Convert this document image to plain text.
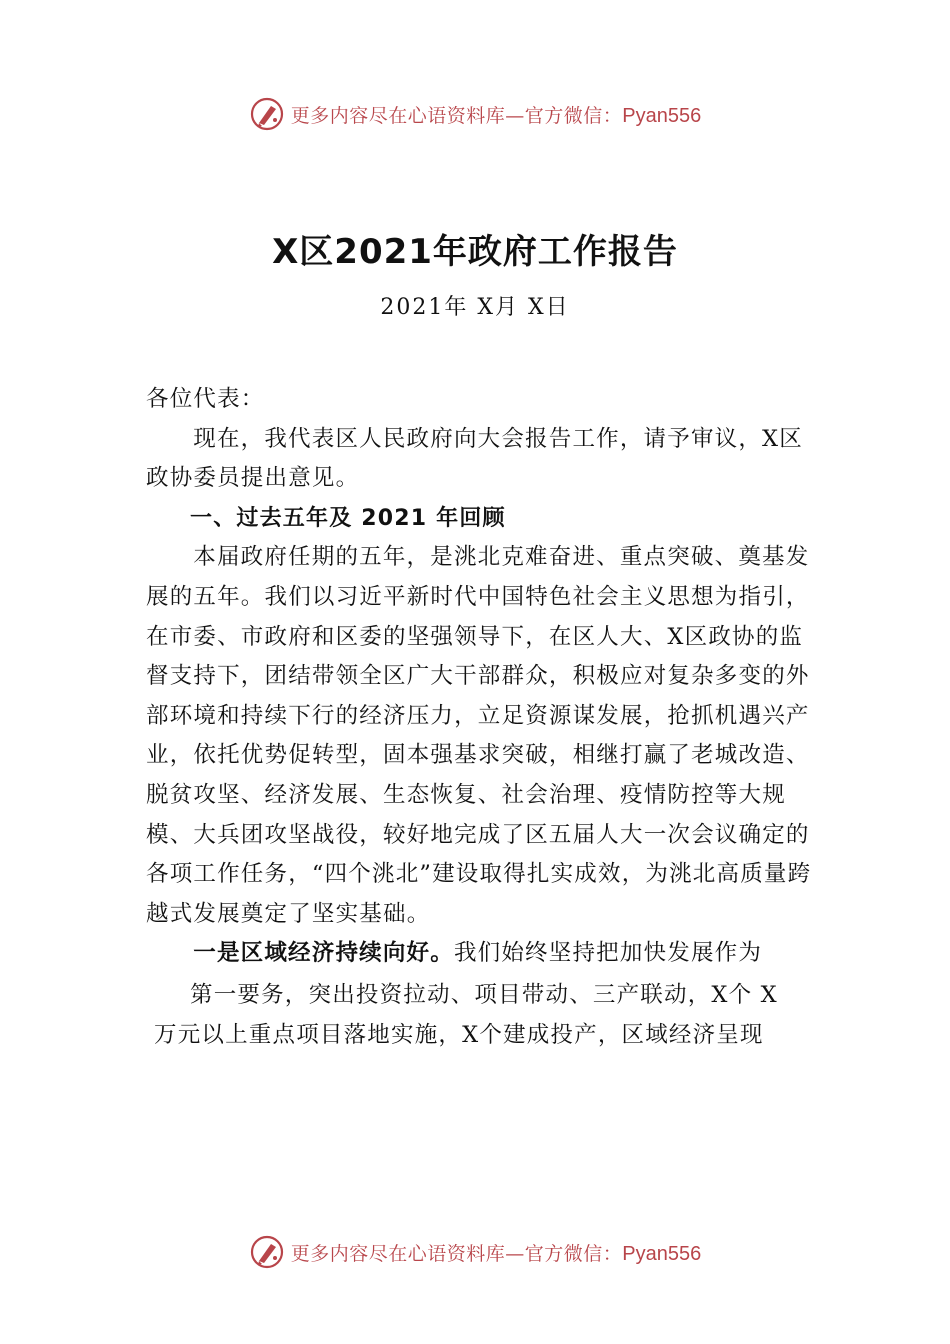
更多内容尽在心语资料库—官方微信：Pyan556
X区2021年政府工作报告
2021年 X月 X日

各位代表：

现在，我代表区人民政府向大会报告工作，请予审议，X区政协委员提出意见。

一、过去五年及 2021 年回顾

本届政府任期的五年，是洮北克难奋进、重点突破、奠基发展的五年。我们以习近平新时代中国特色社会主义思想为指引，在市委、市政府和区委的坚强领导下，在区人大、X区政协的监督支持下，团结带领全区广大干部群众，积极应对复杂多变的外部环境和持续下行的经济压力，立足资源谋发展，抢抓机遇兴产业，依托优势促转型，固本强基求突破，相继打赢了老城改造、脱贫攻坚、经济发展、生态恢复、社会治理、疫情防控等大规模、大兵团攻坚战役，较好地完成了区五届人大一次会议确定的各项工作任务，“四个洮北”建设取得扎实成效，为洮北高质量跨越式发展奠定了坚实基础。

一是区域经济持续向好。我们始终坚持把加快发展作为

第一要务，突出投资拉动、项目带动、三产联动，X个 X

万元以上重点项目落地实施，X个建成投产，区域经济呈现

更多内容尽在心语资料库—官方微信：Pyan556
